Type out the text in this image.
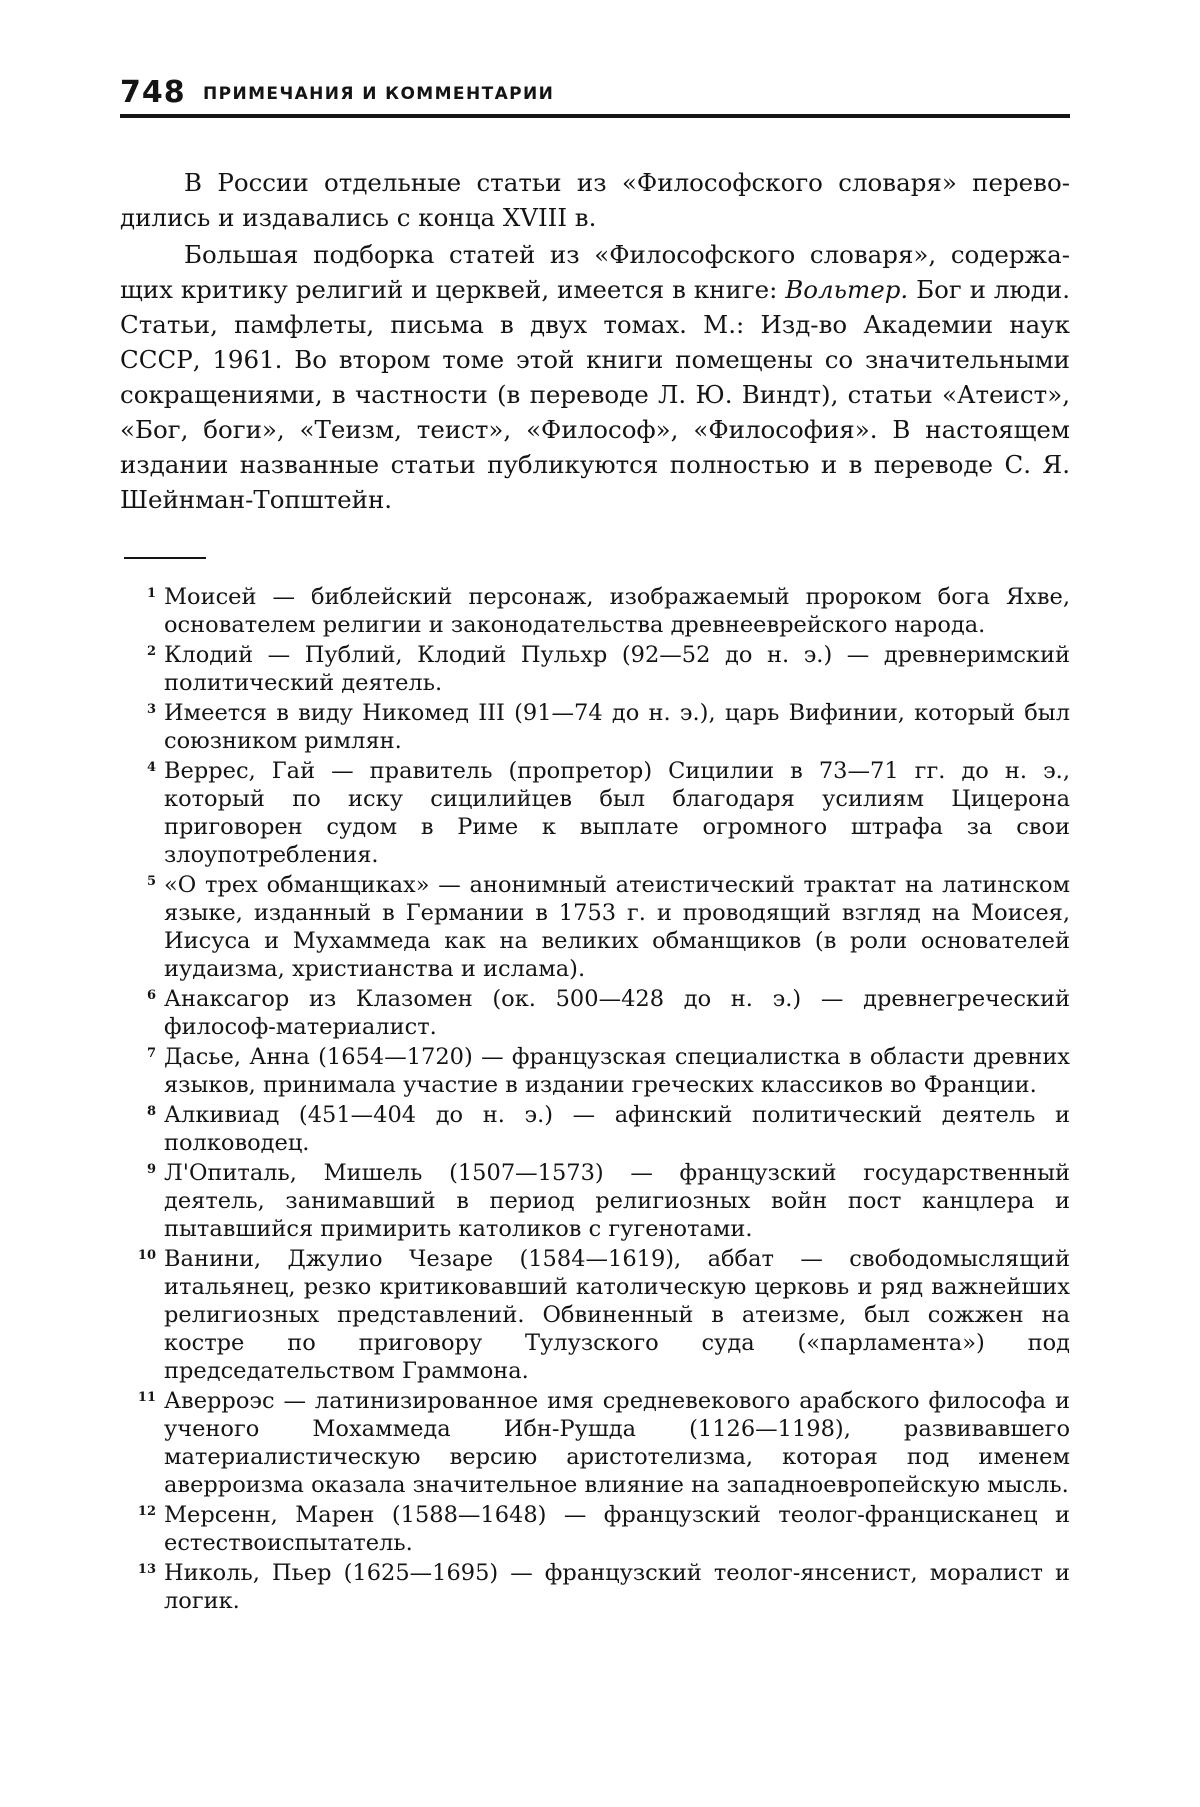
748 ПРИМЕЧАНИЯ И КОММЕНТАРИИ

В России отдельные статьи из «Философского словаря» переводились и издавались с конца XVIII в.

Большая подборка статей из «Философского словаря», содержащих критику религий и церквей, имеется в книге: Вольтер. Бог и люди. Статьи, памфлеты, письма в двух томах. М.: Изд-во Академии наук СССР, 1961. Во втором томе этой книги помещены со значительными сокращениями, в частности (в переводе Л. Ю. Виндт), статьи «Атеист», «Бог, боги», «Теизм, теист», «Философ», «Философия». В настоящем издании названные статьи публикуются полностью и в переводе С. Я. Шейнман-Топштейн.

1 Моисей — библейский персонаж, изображаемый пророком бога Яхве, основателем религии и законодательства древнееврейского народа.
2 Клодий — Публий, Клодий Пульхр (92—52 до н. э.) — древнеримский политический деятель.
3 Имеется в виду Никомед III (91—74 до н. э.), царь Вифинии, который был союзником римлян.
4 Веррес, Гай — правитель (пропретор) Сицилии в 73—71 гг. до н. э., который по иску сицилийцев был благодаря усилиям Цицерона приговорен судом в Риме к выплате огромного штрафа за свои злоупотребления.
5 «О трех обманщиках» — анонимный атеистический трактат на латинском языке, изданный в Германии в 1753 г. и проводящий взгляд на Моисея, Иисуса и Мухаммеда как на великих обманщиков (в роли основателей иудаизма, христианства и ислама).
6 Анаксагор из Клазомен (ок. 500—428 до н. э.) — древнегреческий философ-материалист.
7 Дасье, Анна (1654—1720) — французская специалистка в области древних языков, принимала участие в издании греческих классиков во Франции.
8 Алкивиад (451—404 до н. э.) — афинский политический деятель и полководец.
9 Л'Опиталь, Мишель (1507—1573) — французский государственный деятель, занимавший в период религиозных войн пост канцлера и пытавшийся примирить католиков с гугенотами.
10 Ванини, Джулио Чезаре (1584—1619), аббат — свободомыслящий итальянец, резко критиковавший католическую церковь и ряд важнейших религиозных представлений. Обвиненный в атеизме, был сожжен на костре по приговору Тулузского суда («парламента») под председательством Граммона.
11 Аверроэс — латинизированное имя средневекового арабского философа и ученого Мохаммеда Ибн-Рушда (1126—1198), развивавшего материалистическую версию аристотелизма, которая под именем аверроизма оказала значительное влияние на западноевропейскую мысль.
12 Мерсенн, Марен (1588—1648) — французский теолог-францискaнец и естествоиспытатель.
13 Николь, Пьер (1625—1695) — французский теолог-янсенист, моралист и логик.
